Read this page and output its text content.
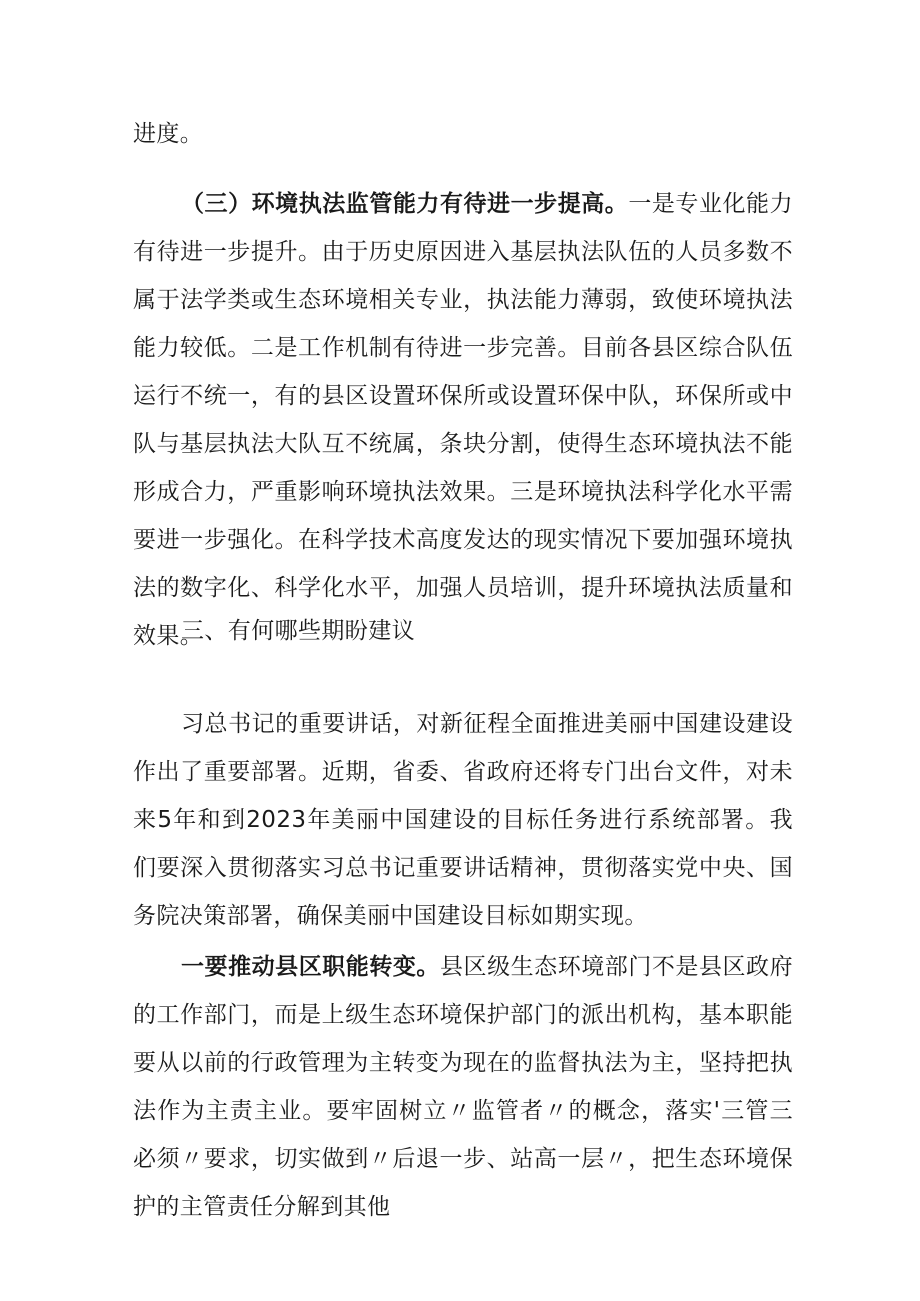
进度。

（三）环境执法监管能力有待进一步提高。一是专业化能力有待进一步提升。由于历史原因进入基层执法队伍的人员多数不属于法学类或生态环境相关专业，执法能力薄弱，致使环境执法能力较低。二是工作机制有待进一步完善。目前各县区综合队伍运行不统一，有的县区设置环保所或设置环保中队，环保所或中队与基层执法大队互不统属，条块分割，使得生态环境执法不能形成合力，严重影响环境执法效果。三是环境执法科学化水平需要进一步强化。在科学技术高度发达的现实情况下要加强环境执法的数字化、科学化水平，加强人员培训，提升环境执法质量和效果。

三、有何哪些期盼建议

习总书记的重要讲话，对新征程全面推进美丽中国建设建设作出了重要部署。近期，省委、省政府还将专门出台文件，对未来5年和到2023年美丽中国建设的目标任务进行系统部署。我们要深入贯彻落实习总书记重要讲话精神，贯彻落实党中央、国务院决策部署，确保美丽中国建设目标如期实现。

一要推动县区职能转变。县区级生态环境部门不是县区政府的工作部门，而是上级生态环境保护部门的派出机构，基本职能要从以前的行政管理为主转变为现在的监督执法为主，坚持把执法作为主责主业。要牢固树立〃监管者〃的概念，落实'三管三必须〃要求，切实做到〃后退一步、站高一层〃，把生态环境保护的主管责任分解到其他
